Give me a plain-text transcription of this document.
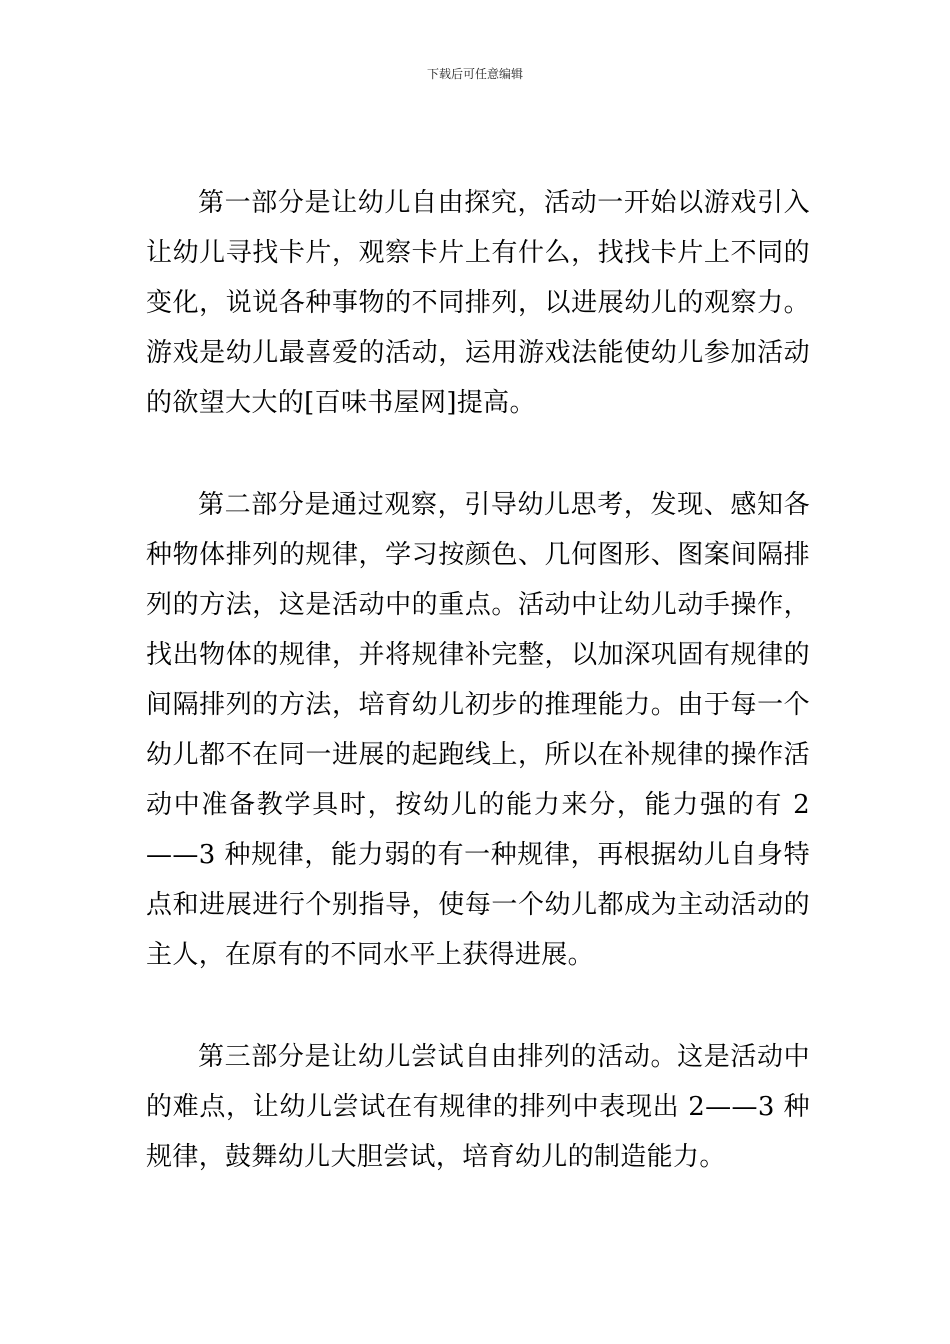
下载后可任意编辑

第一部分是让幼儿自由探究，活动一开始以游戏引入让幼儿寻找卡片，观察卡片上有什么，找找卡片上不同的变化，说说各种事物的不同排列，以进展幼儿的观察力。游戏是幼儿最喜爱的活动，运用游戏法能使幼儿参加活动的欲望大大的[百味书屋网]提高。

第二部分是通过观察，引导幼儿思考，发现、感知各种物体排列的规律，学习按颜色、几何图形、图案间隔排列的方法，这是活动中的重点。活动中让幼儿动手操作，找出物体的规律，并将规律补完整，以加深巩固有规律的间隔排列的方法，培育幼儿初步的推理能力。由于每一个幼儿都不在同一进展的起跑线上，所以在补规律的操作活动中准备教学具时，按幼儿的能力来分，能力强的有 2——3 种规律，能力弱的有一种规律，再根据幼儿自身特点和进展进行个别指导，使每一个幼儿都成为主动活动的主人，在原有的不同水平上获得进展。

第三部分是让幼儿尝试自由排列的活动。这是活动中的难点，让幼儿尝试在有规律的排列中表现出 2——3 种规律，鼓舞幼儿大胆尝试，培育幼儿的制造能力。
